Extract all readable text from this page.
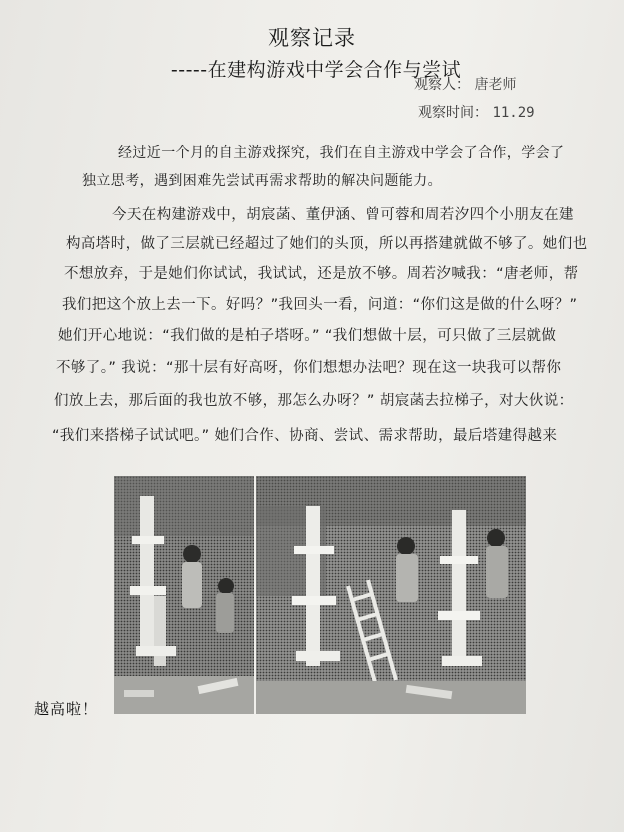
观察记录
-----在建构游戏中学会合作与尝试
观察人： 唐老师
观察时间： 11.29
经过近一个月的自主游戏探究，我们在自主游戏中学会了合作，学会了
独立思考，遇到困难先尝试再需求帮助的解决问题能力。
今天在构建游戏中，胡宸菡、董伊涵、曾可蓉和周若汐四个小朋友在建
构高塔时，做了三层就已经超过了她们的头顶，所以再搭建就做不够了。她们也
不想放弃，于是她们你试试，我试试，还是放不够。周若汐喊我：“唐老师，帮
我们把这个放上去一下。好吗？”我回头一看，问道：“你们这是做的什么呀？”
她们开心地说：“我们做的是柏子塔呀。” “我们想做十层，可只做了三层就做
不够了。” 我说：“那十层有好高呀，你们想想办法吧？现在这一块我可以帮你
们放上去，那后面的我也放不够，那怎么办呀？” 胡宸菡去拉梯子，对大伙说：
“我们来搭梯子试试吧。” 她们合作、协商、尝试、需求帮助，最后塔建得越来
越高啦！
